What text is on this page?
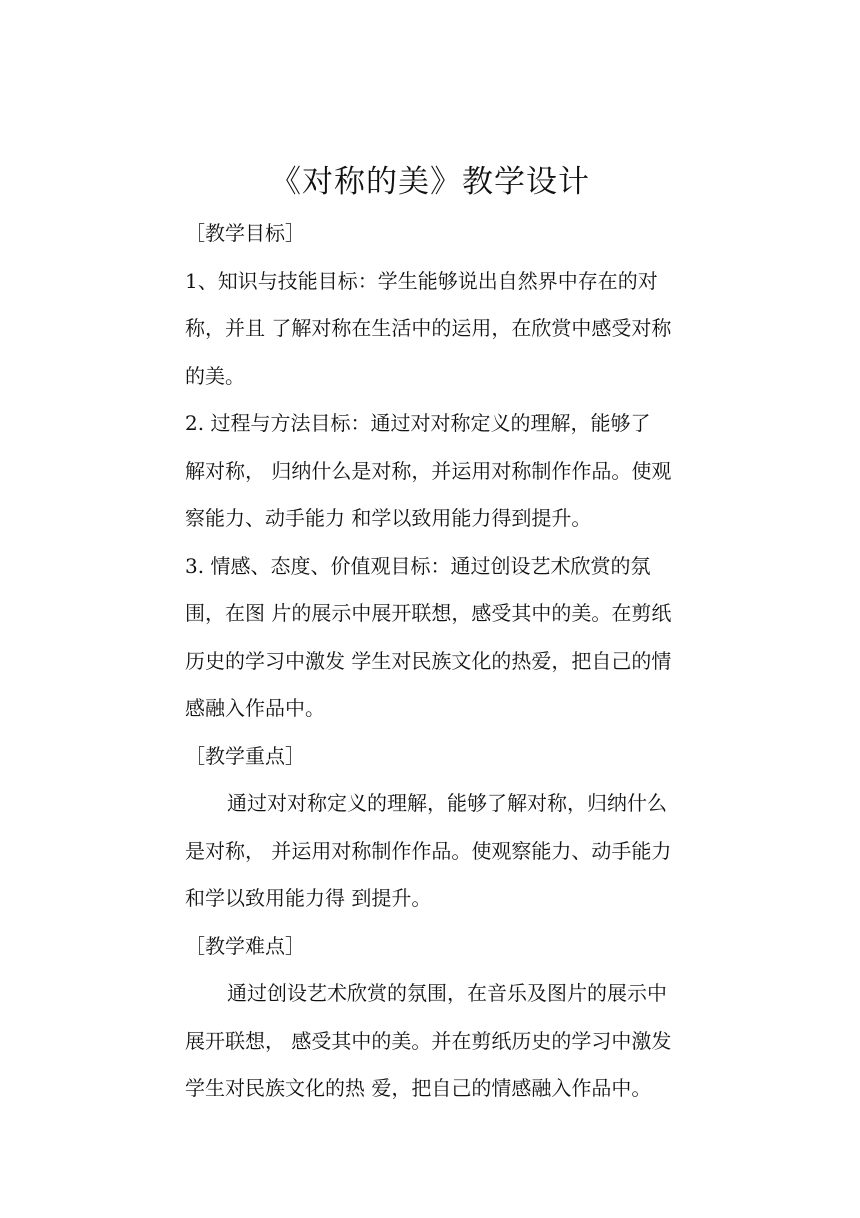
《对称的美》教学设计
［教学目标］
1、知识与技能目标：学生能够说出自然界中存在的对
称，并且 了解对称在生活中的运用，在欣赏中感受对称
的美。
2. 过程与方法目标：通过对对称定义的理解，能够了
解对称， 归纳什么是对称，并运用对称制作作品。使观
察能力、动手能力 和学以致用能力得到提升。
3. 情感、态度、价值观目标：通过创设艺术欣赏的氛
围，在图 片的展示中展开联想，感受其中的美。在剪纸
历史的学习中激发 学生对民族文化的热爱，把自己的情
感融入作品中。
［教学重点］
通过对对称定义的理解，能够了解对称，归纳什么
是对称， 并运用对称制作作品。使观察能力、动手能力
和学以致用能力得 到提升。
［教学难点］
通过创设艺术欣赏的氛围，在音乐及图片的展示中
展开联想， 感受其中的美。并在剪纸历史的学习中激发
学生对民族文化的热 爱，把自己的情感融入作品中。
